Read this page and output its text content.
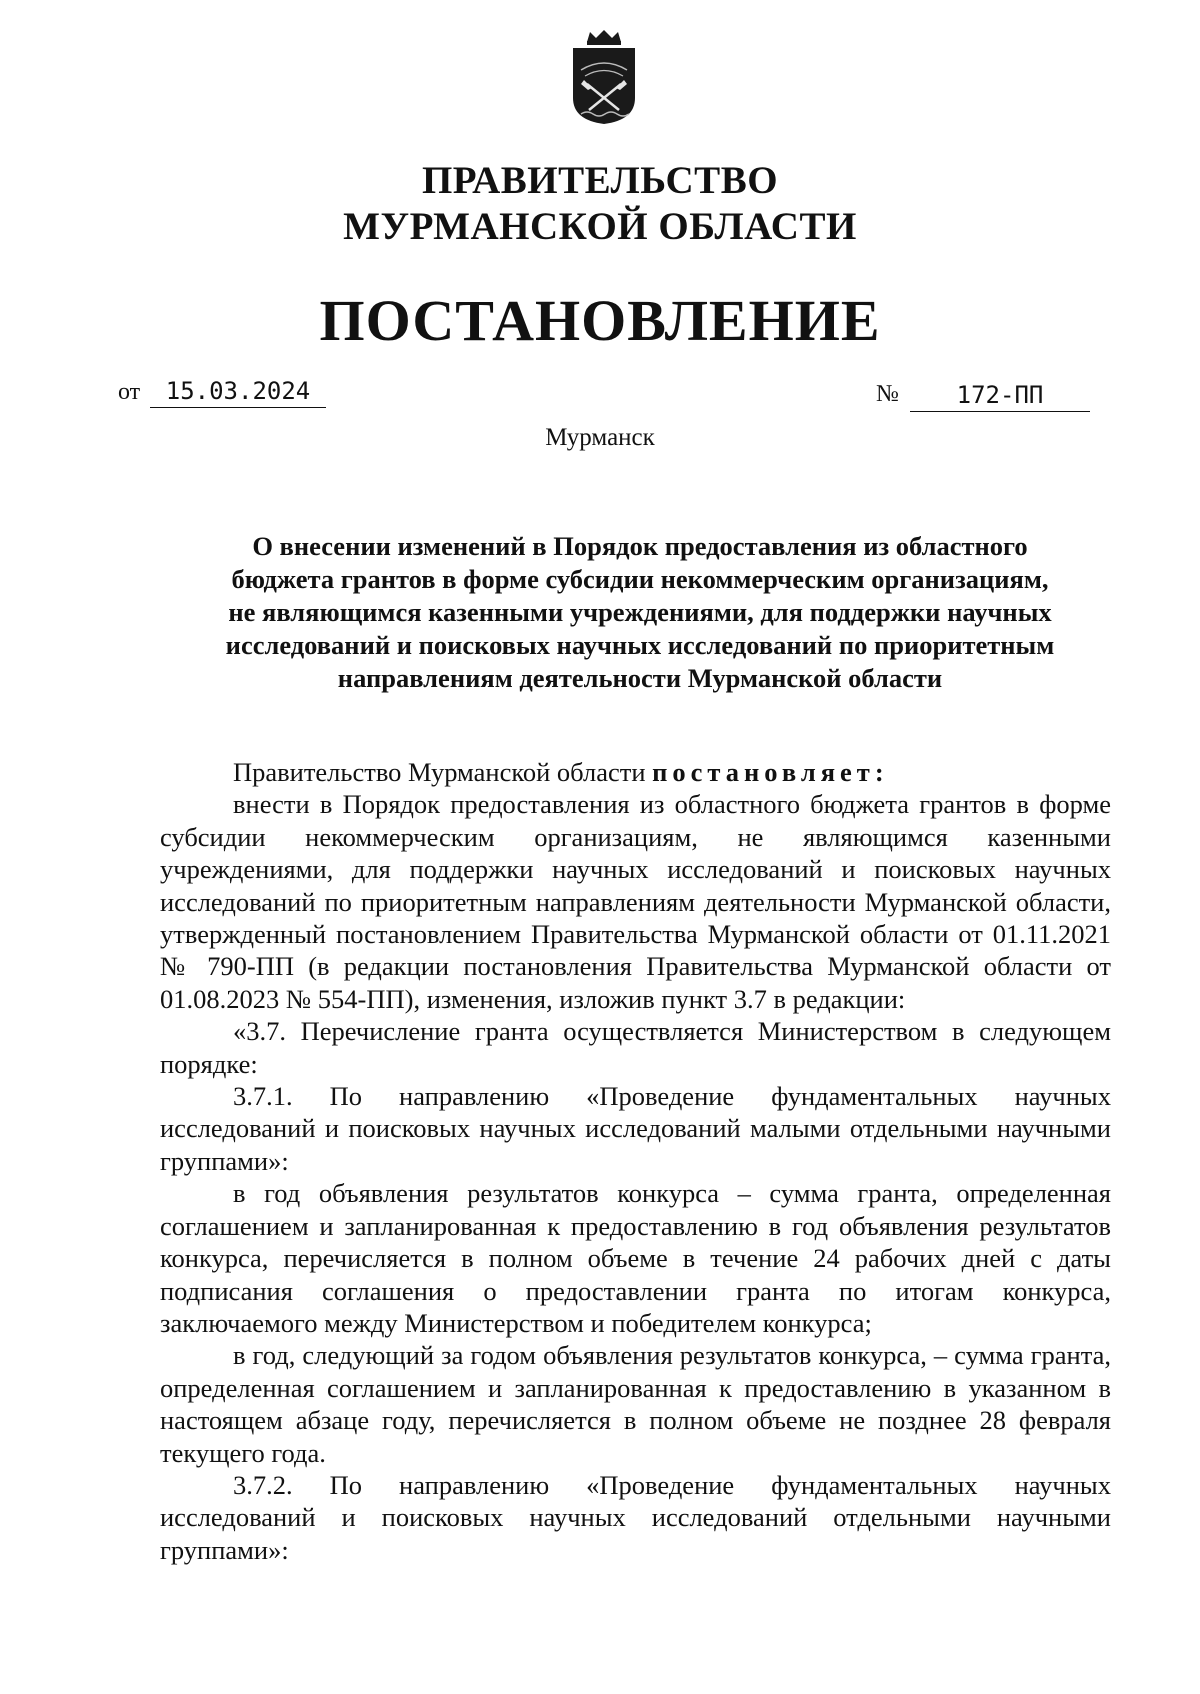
ПРАВИТЕЛЬСТВО
МУРМАНСКОЙ ОБЛАСТИ
ПОСТАНОВЛЕНИЕ
от	15.03.2024	№	172-ПП
Мурманск
О внесении изменений в Порядок предоставления из областного
бюджета грантов в форме субсидии некоммерческим организациям,
не являющимся казенными учреждениями, для поддержки научных
исследований и поисковых научных исследований по приоритетным
направлениям деятельности Мурманской области

Правительство Мурманской области постановляет:

внести в Порядок предоставления из областного бюджета грантов в форме субсидии некоммерческим организациям, не являющимся казенными учреждениями, для поддержки научных исследований и поисковых научных исследований по приоритетным направлениям деятельности Мурманской области, утвержденный постановлением Правительства Мурманской области от 01.11.2021 № 790-ПП (в редакции постановления Правительства Мурманской области от 01.08.2023 № 554-ПП), изменения, изложив пункт 3.7 в редакции:

«3.7. Перечисление гранта осуществляется Министерством в следующем порядке:

3.7.1. По направлению «Проведение фундаментальных научных исследований и поисковых научных исследований малыми отдельными научными группами»:

в год объявления результатов конкурса – сумма гранта, определенная соглашением и запланированная к предоставлению в год объявления результатов конкурса, перечисляется в полном объеме в течение 24 рабочих дней с даты подписания соглашения о предоставлении гранта по итогам конкурса, заключаемого между Министерством и победителем конкурса;

в год, следующий за годом объявления результатов конкурса, – сумма гранта, определенная соглашением и запланированная к предоставлению в указанном в настоящем абзаце году, перечисляется в полном объеме не позднее 28 февраля текущего года.

3.7.2. По направлению «Проведение фундаментальных научных исследований и поисковых научных исследований отдельными научными группами»:
